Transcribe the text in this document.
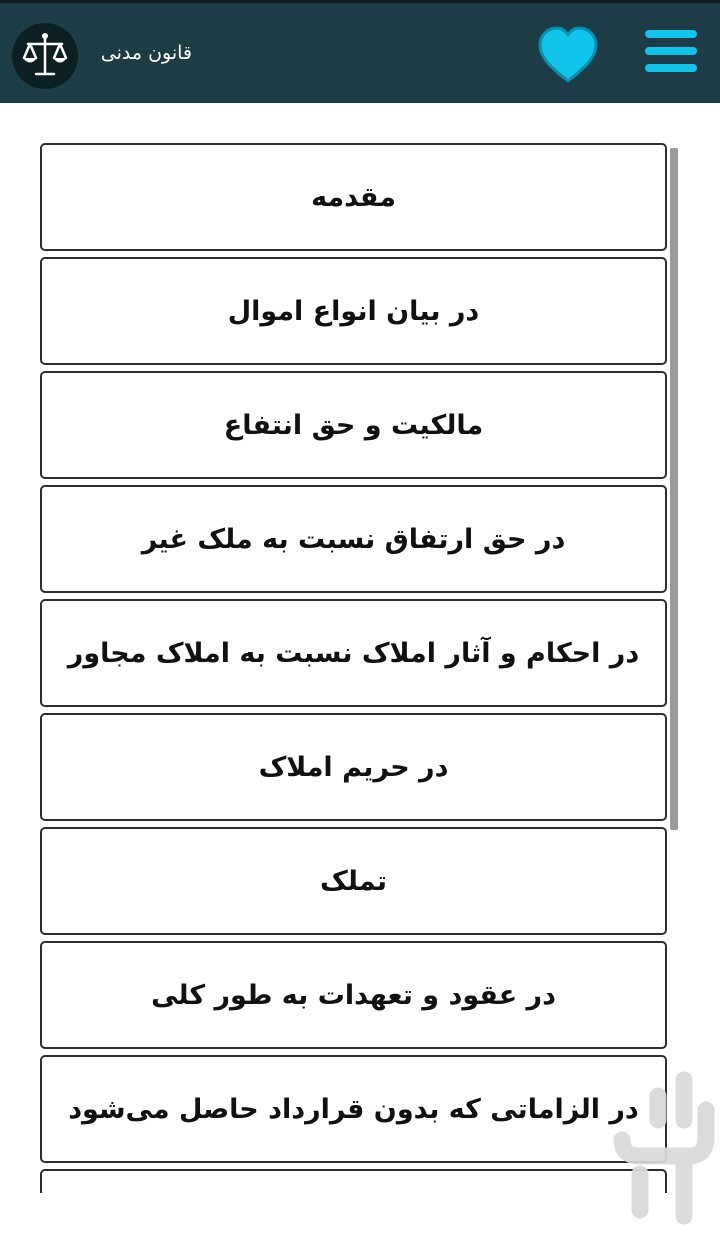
قانون مدنی
مقدمه
در بیان انواع اموال
مالکیت و حق انتفاع
در حق ارتفاق نسبت به ملک غیر
در احکام و آثار املاک نسبت به املاک مجاور
در حریم املاک
تملک
در عقود و تعهدات به طور کلی
در الزاماتی که بدون قرارداد حاصل می‌شود
